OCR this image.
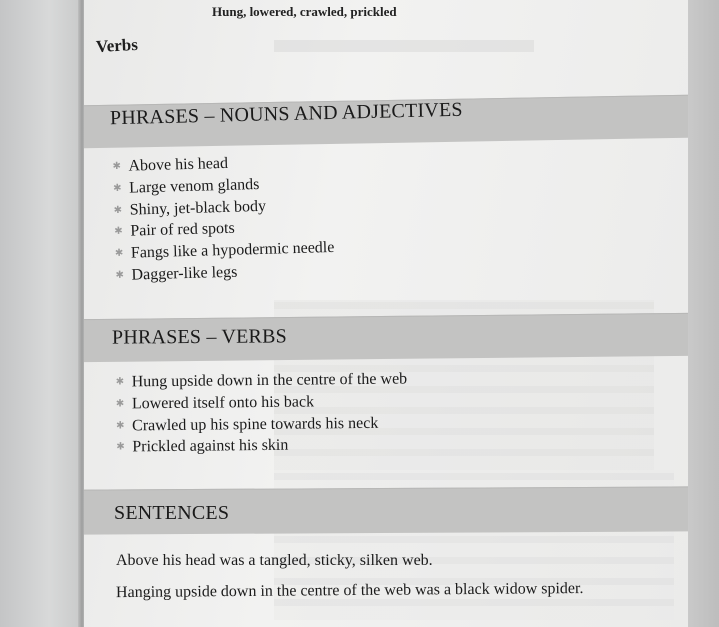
Hung, lowered, crawled, prickled
Verbs
PHRASES – NOUNS AND ADJECTIVES
✱ Above his head
✱ Large venom glands
✱ Shiny, jet-black body
✱ Pair of red spots
✱ Fangs like a hypodermic needle
✱ Dagger-like legs
PHRASES – VERBS
✱ Hung upside down in the centre of the web
✱ Lowered itself onto his back
✱ Crawled up his spine towards his neck
✱ Prickled against his skin
SENTENCES
Above his head was a tangled, sticky, silken web.
Hanging upside down in the centre of the web was a black widow spider.
